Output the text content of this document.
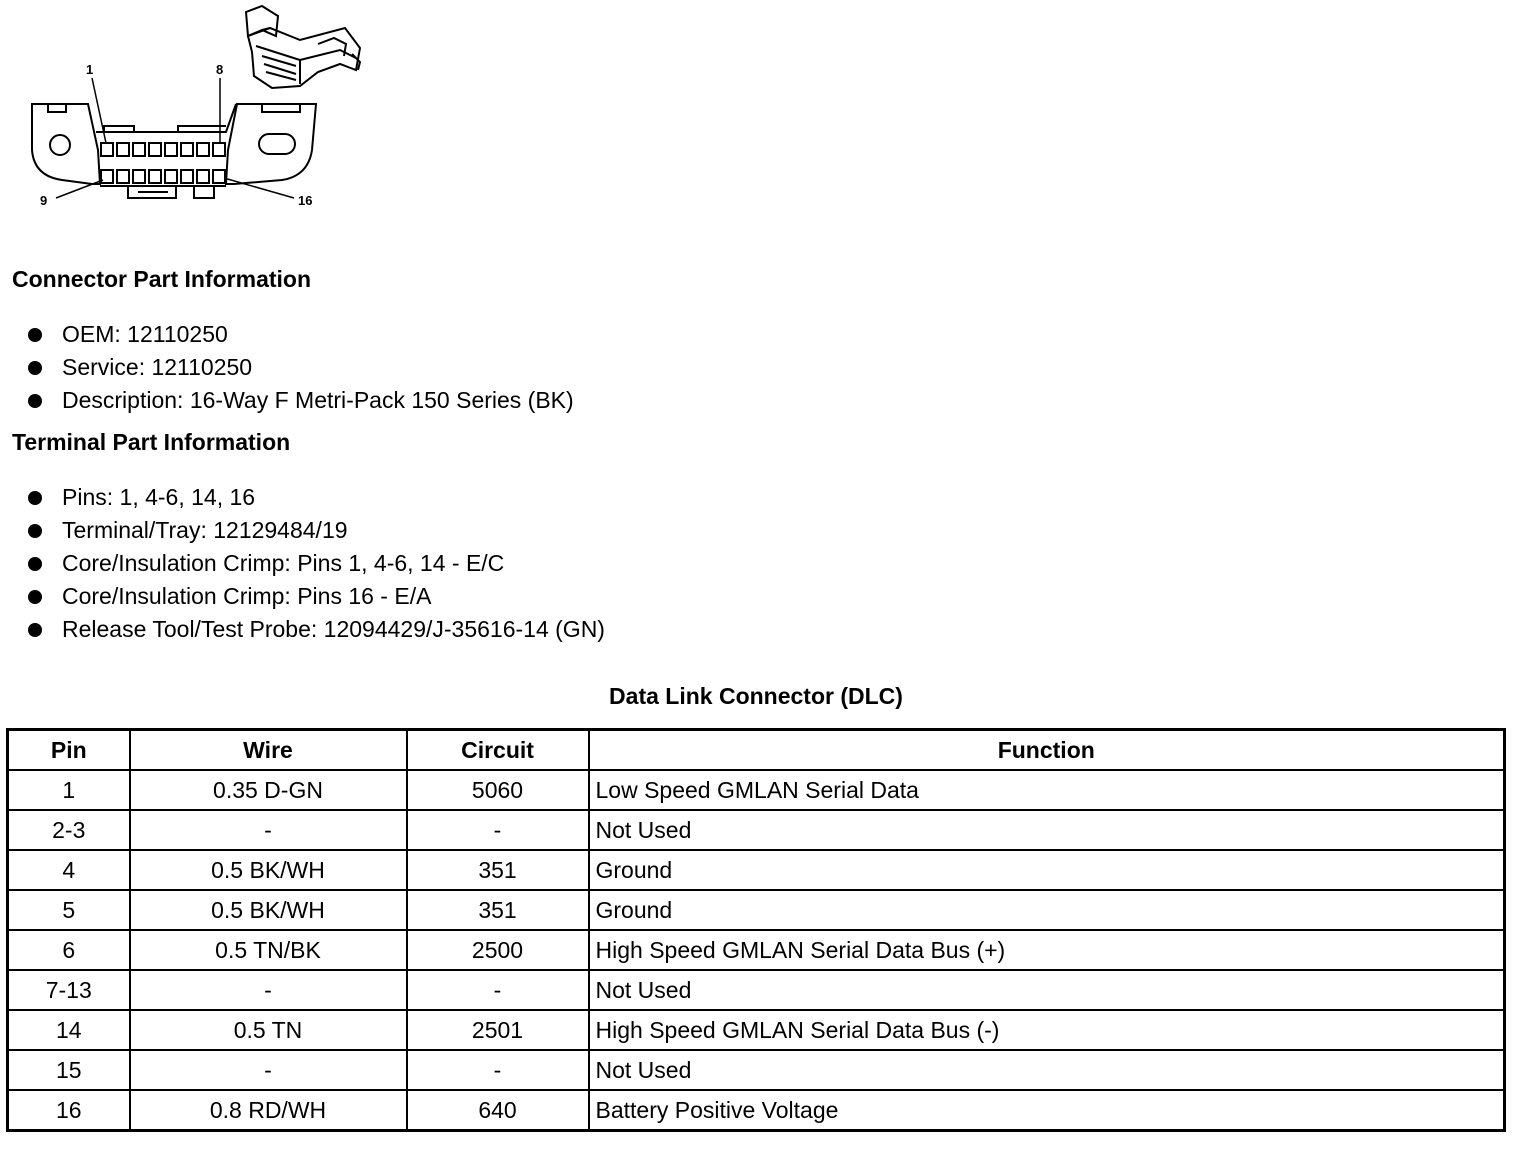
1	8
9	16
Connector Part Information
OEM: 12110250
Service: 12110250
Description: 16-Way F Metri-Pack 150 Series (BK)
Terminal Part Information
Pins: 1, 4-6, 14, 16
Terminal/Tray: 12129484/19
Core/Insulation Crimp: Pins 1, 4-6, 14 - E/C
Core/Insulation Crimp: Pins 16 - E/A
Release Tool/Test Probe: 12094429/J-35616-14 (GN)
Data Link Connector (DLC)
Pin	Wire	Circuit	Function
1	0.35 D-GN	5060	Low Speed GMLAN Serial Data
2-3	-	-	Not Used
4	0.5 BK/WH	351	Ground
5	0.5 BK/WH	351	Ground
6	0.5 TN/BK	2500	High Speed GMLAN Serial Data Bus (+)
7-13	-	-	Not Used
14	0.5 TN	2501	High Speed GMLAN Serial Data Bus (-)
15	-	-	Not Used
16	0.8 RD/WH	640	Battery Positive Voltage
